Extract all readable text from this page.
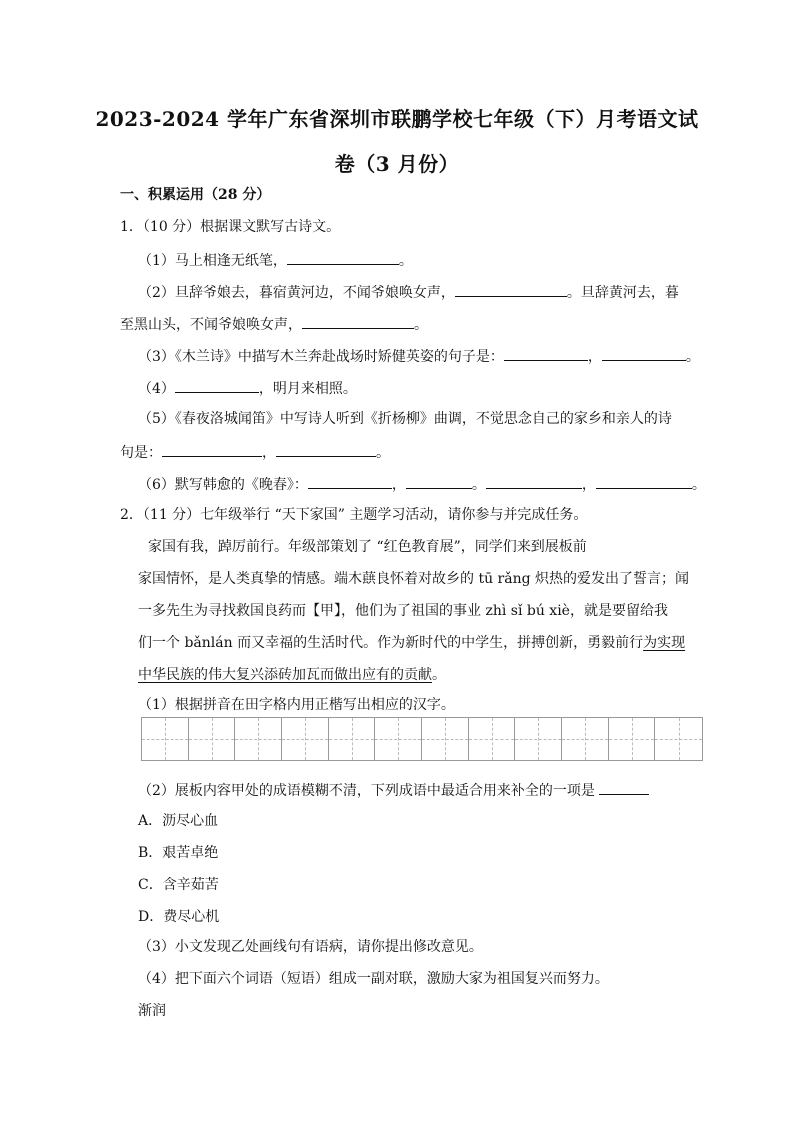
2023-2024 学年广东省深圳市联鹏学校七年级（下）月考语文试
卷（3 月份）
一、积累运用（28 分）
1．（10 分）根据课文默写古诗文。
（1）马上相逢无纸笔，	。
（2）旦辞爷娘去，暮宿黄河边，不闻爷娘唤女声，	。旦辞黄河去，暮
至黑山头，不闻爷娘唤女声，	。
（3）《木兰诗》中描写木兰奔赴战场时矫健英姿的句子是：	，	。
（4）	，明月来相照。
（5）《春夜洛城闻笛》中写诗人听到《折杨柳》曲调，不觉思念自己的家乡和亲人的诗
句是：	，	。
（6）默写韩愈的《晚春》：	，	。	，	。
2．（11 分）七年级举行 “天下家国” 主题学习活动，请你参与并完成任务。
家国有我，踔厉前行。年级部策划了 “红色教育展”，同学们来到展板前
家国情怀，是人类真挚的情感。端木蕻良怀着对故乡的 tū rǎng 炽热的爱发出了誓言；闻
一多先生为寻找救国良药而【甲】，他们为了祖国的事业 zhì sǐ bú xiè，就是要留给我
们一个 bǎnlán 而又幸福的生活时代。作为新时代的中学生，拼搏创新，勇毅前行为实现
中华民族的伟大复兴添砖加瓦而做出应有的贡献。
（1）根据拼音在田字格内用正楷写出相应的汉字。
（2）展板内容甲处的成语模糊不清，下列成语中最适合用来补全的一项是
A．沥尽心血
B．艰苦卓绝
C．含辛茹苦
D．费尽心机
（3）小文发现乙处画线句有语病，请你提出修改意见。
（4）把下面六个词语（短语）组成一副对联，激励大家为祖国复兴而努力。
渐润
